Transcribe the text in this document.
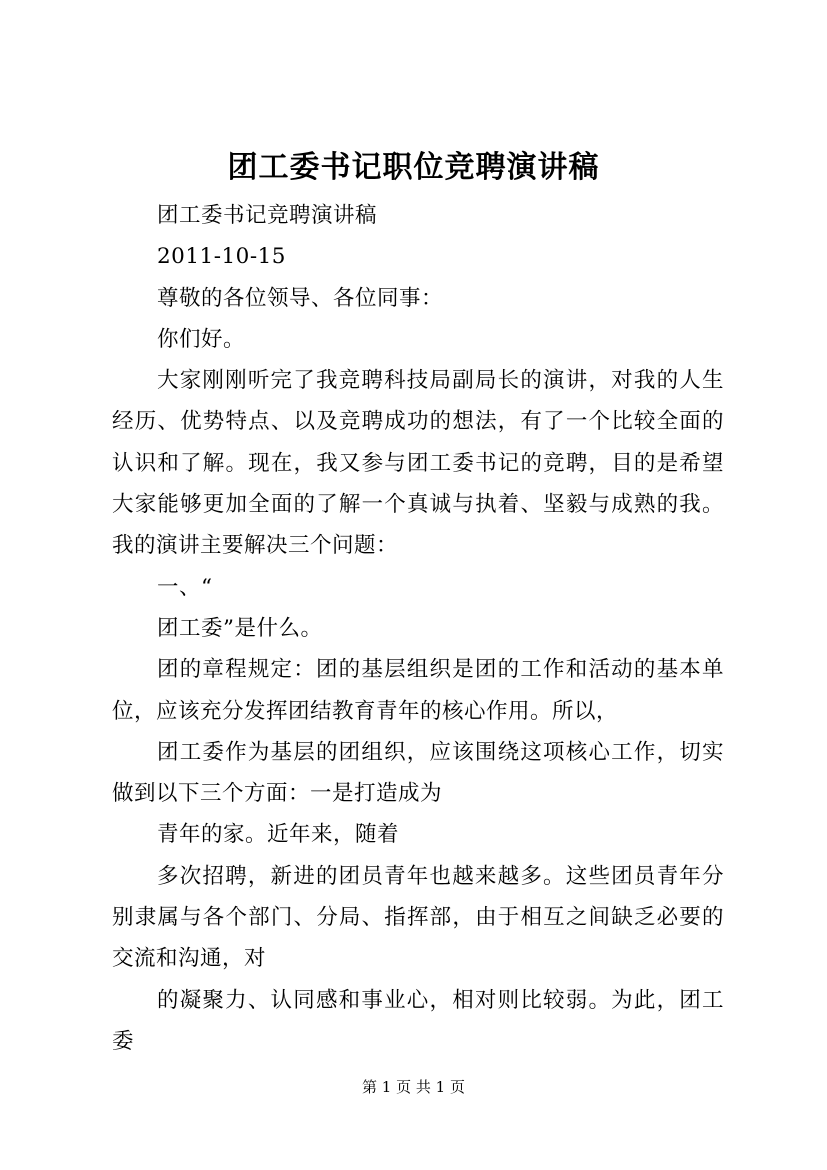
团工委书记职位竞聘演讲稿

团工委书记竞聘演讲稿

2011-10-15

尊敬的各位领导、各位同事：

你们好。

大家刚刚听完了我竞聘科技局副局长的演讲，对我的人生经历、优势特点、以及竞聘成功的想法，有了一个比较全面的认识和了解。现在，我又参与团工委书记的竞聘，目的是希望大家能够更加全面的了解一个真诚与执着、坚毅与成熟的我。我的演讲主要解决三个问题：

一、“

团工委”是什么。

团的章程规定：团的基层组织是团的工作和活动的基本单位，应该充分发挥团结教育青年的核心作用。所以，

团工委作为基层的团组织，应该围绕这项核心工作，切实做到以下三个方面：一是打造成为

青年的家。近年来，随着

多次招聘，新进的团员青年也越来越多。这些团员青年分别隶属与各个部门、分局、指挥部，由于相互之间缺乏必要的交流和沟通，对

的凝聚力、认同感和事业心，相对则比较弱。为此，团工委

第 1 页 共 1 页
